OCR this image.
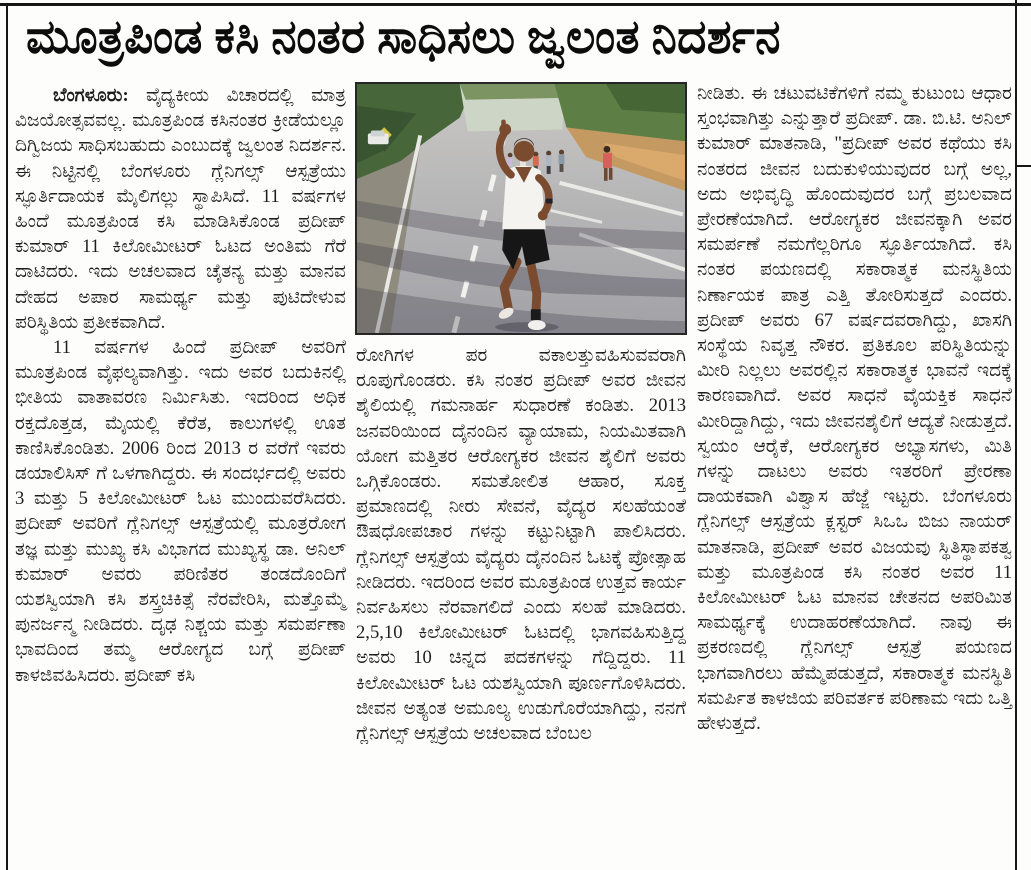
ಮೂತ್ರಪಿಂಡ ಕಸಿ ನಂತರ ಸಾಧಿಸಲು ಜ್ವಲಂತ ನಿದರ್ಶನ

ಬೆಂಗಳೂರು: ವೈದ್ಯಕೀಯ ವಿಚಾರದಲ್ಲಿ ಮಾತ್ರ ವಿಜಯೋತ್ಸವವಲ್ಲ. ಮೂತ್ರಪಿಂಡ ಕಸಿನಂತರ ಕ್ರೀಡೆಯಲ್ಲೂ ದಿಗ್ವಿಜಯ ಸಾಧಿಸಬಹುದು ಎಂಬುದಕ್ಕೆ ಜ್ವಲಂತ ನಿದರ್ಶನ. ಈ ನಿಟ್ಟಿನಲ್ಲಿ ಬೆಂಗಳೂರು ಗ್ಲೆನಿಗಲ್ಸ್ ಆಸ್ಪತ್ರೆಯು ಸ್ಫೂರ್ತಿದಾಯಕ ಮೈಲಿಗಲ್ಲು ಸ್ಥಾಪಿಸಿದೆ. 11 ವರ್ಷಗಳ ಹಿಂದೆ ಮೂತ್ರಪಿಂಡ ಕಸಿ ಮಾಡಿಸಿಕೊಂಡ ಪ್ರದೀಪ್ ಕುಮಾರ್ 11 ಕಿಲೋಮೀಟರ್ ಓಟದ ಅಂತಿಮ ಗೆರೆ ದಾಟಿದರು. ಇದು ಅಚಲವಾದ ಚೈತನ್ಯ ಮತ್ತು ಮಾನವ ದೇಹದ ಅಪಾರ ಸಾಮರ್ಥ್ಯ ಮತ್ತು ಪುಟಿದೇಳುವ ಪರಿಸ್ಥಿತಿಯ ಪ್ರತೀಕವಾಗಿದೆ.

11 ವರ್ಷಗಳ ಹಿಂದೆ ಪ್ರದೀಪ್ ಅವರಿಗೆ ಮೂತ್ರಪಿಂಡ ವೈಫಲ್ಯವಾಗಿತ್ತು. ಇದು ಅವರ ಬದುಕಿನಲ್ಲಿ ಭೀತಿಯ ವಾತಾವರಣ ನಿರ್ಮಿಸಿತು. ಇದರಿಂದ ಅಧಿಕ ರಕ್ತದೊತ್ತಡ, ಮೈಯಲ್ಲಿ ಕೆರೆತ, ಕಾಲುಗಳಲ್ಲಿ ಊತ ಕಾಣಿಸಿಕೊಂಡಿತು. 2006 ರಿಂದ 2013 ರ ವರೆಗೆ ಇವರು ಡಯಾಲಿಸಿಸ್ ಗೆ ಒಳಗಾಗಿದ್ದರು. ಈ ಸಂದರ್ಭದಲ್ಲಿ ಅವರು 3 ಮತ್ತು 5 ಕಿಲೋಮೀಟರ್ ಓಟ ಮುಂದುವರೆಸಿದರು. ಪ್ರದೀಪ್ ಅವರಿಗೆ ಗ್ಲೆನಿಗಲ್ಸ್ ಆಸ್ಪತ್ರೆಯಲ್ಲಿ ಮೂತ್ರರೋಗ ತಜ್ಞ ಮತ್ತು ಮುಖ್ಯ ಕಸಿ ವಿಭಾಗದ ಮುಖ್ಯಸ್ಥ ಡಾ. ಅನಿಲ್ ಕುಮಾರ್ ಅವರು ಪರಿಣಿತರ ತಂಡದೊಂದಿಗೆ ಯಶಸ್ವಿಯಾಗಿ ಕಸಿ ಶಸ್ತ್ರಚಿಕಿತ್ಸೆ ನೆರವೇರಿಸಿ, ಮತ್ತೊಮ್ಮೆ ಪುನರ್ಜನ್ಮ ನೀಡಿದರು. ದೃಢ ನಿಶ್ಚಯ ಮತ್ತು ಸಮರ್ಪಣಾ ಭಾವದಿಂದ ತಮ್ಮ ಆರೋಗ್ಯದ ಬಗ್ಗೆ ಪ್ರದೀಪ್ ಕಾಳಜಿವಹಿಸಿದರು. ಪ್ರದೀಪ್ ಕಸಿ

ರೋಗಿಗಳ ಪರ ವಕಾಲತ್ತುವಹಿಸುವವರಾಗಿ ರೂಪುಗೊಂಡರು. ಕಸಿ ನಂತರ ಪ್ರದೀಪ್ ಅವರ ಜೀವನ ಶೈಲಿಯಲ್ಲಿ ಗಮನಾರ್ಹ ಸುಧಾರಣೆ ಕಂಡಿತು. 2013 ಜನವರಿಯಿಂದ ದೈನಂದಿನ ವ್ಯಾಯಾಮ, ನಿಯಮಿತವಾಗಿ ಯೋಗ ಮತ್ತಿತರ ಆರೋಗ್ಯಕರ ಜೀವನ ಶೈಲಿಗೆ ಅವರು ಒಗ್ಗಿಕೊಂಡರು. ಸಮತೋಲಿತ ಆಹಾರ, ಸೂಕ್ತ ಪ್ರಮಾಣದಲ್ಲಿ ನೀರು ಸೇವನೆ, ವೈದ್ಯರ ಸಲಹೆಯಂತೆ ಔಷಧೋಪಚಾರ ಗಳನ್ನು ಕಟ್ಟುನಿಟ್ಟಾಗಿ ಪಾಲಿಸಿದರು. ಗ್ಲೆನಿಗಲ್ಸ್ ಆಸ್ಪತ್ರೆಯ ವೈದ್ಯರು ದೈನಂದಿನ ಓಟಕ್ಕೆ ಪ್ರೋತ್ಸಾಹ ನೀಡಿದರು. ಇದರಿಂದ ಅವರ ಮೂತ್ರಪಿಂಡ ಉತ್ತವ ಕಾರ್ಯ ನಿರ್ವಹಿಸಲು ನೆರವಾಗಲಿದೆ ಎಂದು ಸಲಹೆ ಮಾಡಿದರು. 2,5,10 ಕಿಲೋಮೀಟರ್ ಓಟದಲ್ಲಿ ಭಾಗವಹಿಸುತ್ತಿದ್ದ ಅವರು 10 ಚಿನ್ನದ ಪದಕಗಳನ್ನು ಗೆದ್ದಿದ್ದರು. 11 ಕಿಲೋಮೀಟರ್ ಓಟ ಯಶಸ್ವಿಯಾಗಿ ಪೂರ್ಣಗೊಳಿಸಿದರು. ಜೀವನ ಅತ್ಯಂತ ಅಮೂಲ್ಯ ಉಡುಗೊರೆಯಾಗಿದ್ದು, ನನಗೆ ಗ್ಲೆನಿಗಲ್ಸ್ ಆಸ್ಪತ್ರೆಯ ಅಚಲವಾದ ಬೆಂಬಲ

ನೀಡಿತು. ಈ ಚಟುವಟಿಕೆಗಳಿಗೆ ನಮ್ಮ ಕುಟುಂಬ ಆಧಾರ ಸ್ತಂಭವಾಗಿತ್ತು ಎನ್ನುತ್ತಾರೆ ಪ್ರದೀಪ್. ಡಾ. ಬಿ.ಟಿ. ಅನಿಲ್ ಕುಮಾರ್ ಮಾತನಾಡಿ, "ಪ್ರದೀಪ್ ಅವರ ಕಥೆಯು ಕಸಿ ನಂತರದ ಜೀವನ ಬದುಕುಳಿಯುವುದರ ಬಗ್ಗೆ ಅಲ್ಲ, ಅದು ಅಭಿವೃದ್ಧಿ ಹೊಂದುವುದರ ಬಗ್ಗೆ ಪ್ರಬಲವಾದ ಪ್ರೇರಣೆಯಾಗಿದೆ. ಆರೋಗ್ಯಕರ ಜೀವನಕ್ಕಾಗಿ ಅವರ ಸಮರ್ಪಣೆ ನಮಗೆಲ್ಲರಿಗೂ ಸ್ಫೂರ್ತಿಯಾಗಿದೆ. ಕಸಿ ನಂತರ ಪಯಣದಲ್ಲಿ ಸಕಾರಾತ್ಮಕ ಮನಸ್ಥಿತಿಯ ನಿರ್ಣಾಯಕ ಪಾತ್ರ ಎತ್ತಿ ತೋರಿಸುತ್ತದೆ ಎಂದರು. ಪ್ರದೀಪ್ ಅವರು 67 ವರ್ಷದವರಾಗಿದ್ದು, ಖಾಸಗಿ ಸಂಸ್ಥೆಯ ನಿವೃತ್ತ ನೌಕರ. ಪ್ರತಿಕೂಲ ಪರಿಸ್ಥಿತಿಯನ್ನು ಮೀರಿ ನಿಲ್ಲಲು ಅವರಲ್ಲಿನ ಸಕಾರಾತ್ಮಕ ಭಾವನೆ ಇದಕ್ಕೆ ಕಾರಣವಾಗಿದೆ. ಅವರ ಸಾಧನೆ ವೈಯಕ್ತಿಕ ಸಾಧನೆ ಮೀರಿದ್ದಾಗಿದ್ದು, ಇದು ಜೀವನಶೈಲಿಗೆ ಆದ್ಯತೆ ನೀಡುತ್ತದೆ. ಸ್ವಯಂ ಆರೈಕೆ, ಆರೋಗ್ಯಕರ ಅಭ್ಯಾಸಗಳು, ಮಿತಿ ಗಳನ್ನು ದಾಟಲು ಅವರು ಇತರರಿಗೆ ಪ್ರೇರಣಾ ದಾಯಕವಾಗಿ ವಿಶ್ವಾಸ ಹೆಜ್ಜೆ ಇಟ್ಟರು. ಬೆಂಗಳೂರು ಗ್ಲೆನಿಗಲ್ಸ್ ಆಸ್ಪತ್ರೆಯ ಕ್ಲಸ್ಟರ್ ಸಿಒಒ ಬಿಜು ನಾಯರ್ ಮಾತನಾಡಿ, ಪ್ರದೀಪ್ ಅವರ ವಿಜಯವು ಸ್ಥಿತಿಸ್ಥಾಪಕತ್ವ ಮತ್ತು ಮೂತ್ರಪಿಂಡ ಕಸಿ ನಂತರ ಅವರ 11 ಕಿಲೋಮೀಟರ್ ಓಟ ಮಾನವ ಚೇತನದ ಅಪರಿಮಿತ ಸಾಮರ್ಥ್ಯಕ್ಕೆ ಉದಾಹರಣೆಯಾಗಿದೆ. ನಾವು ಈ ಪ್ರಕರಣದಲ್ಲಿ ಗ್ಲೆನಿಗಲ್ಸ್ ಆಸ್ಪತ್ರೆ ಪಯಣದ ಭಾಗವಾಗಿರಲು ಹೆಮ್ಮೆಪಡುತ್ತದೆ, ಸಕಾರಾತ್ಮಕ ಮನಸ್ಥಿತಿ ಸಮರ್ಪಿತ ಕಾಳಜಿಯ ಪರಿವರ್ತಕ ಪರಿಣಾಮ ಇದು ಒತ್ತಿ ಹೇಳುತ್ತದೆ.
